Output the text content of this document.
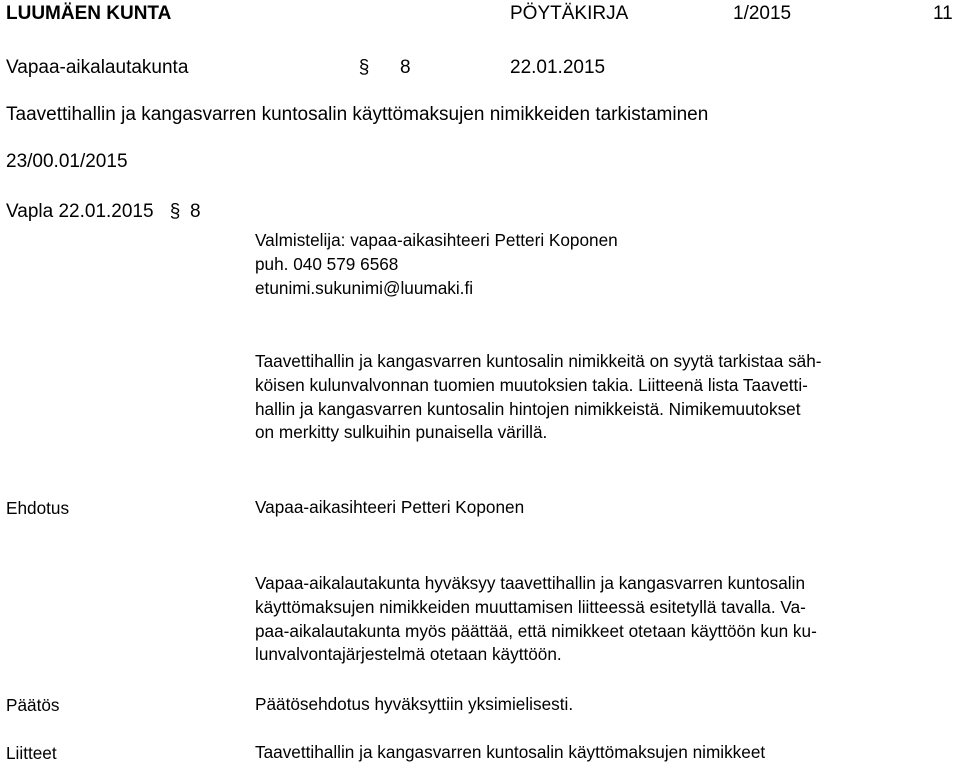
LUUMÄEN KUNTA	PÖYTÄKIRJA	1/2015	11
Vapaa-aikalautakunta	§ 8	22.01.2015
Taavettihallin ja kangasvarren kuntosalin käyttömaksujen nimikkeiden tarkistaminen
23/00.01/2015
Vapla 22.01.2015 § 8
Valmistelija: vapaa-aikasihteeri Petteri Koponen
puh. 040 579 6568
etunimi.sukunimi@luumaki.fi
Taavettihallin ja kangasvarren kuntosalin nimikkeitä on syytä tarkistaa säh-
köisen kulunvalvonnan tuomien muutoksien takia. Liitteenä lista Taavetti-
hallin ja kangasvarren kuntosalin hintojen nimikkeistä. Nimikemuutokset
on merkitty sulkuihin punaisella värillä.
Ehdotus	Vapaa-aikasihteeri Petteri Koponen
Vapaa-aikalautakunta hyväksyy taavettihallin ja kangasvarren kuntosalin
käyttömaksujen nimikkeiden muuttamisen liitteessä esitetyllä tavalla. Va-
paa-aikalautakunta myös päättää, että nimikkeet otetaan käyttöön kun ku-
lunvalvontajärjestelmä otetaan käyttöön.
Päätös	Päätösehdotus hyväksyttiin yksimielisesti.
Liitteet	Taavettihallin ja kangasvarren kuntosalin käyttömaksujen nimikkeet
